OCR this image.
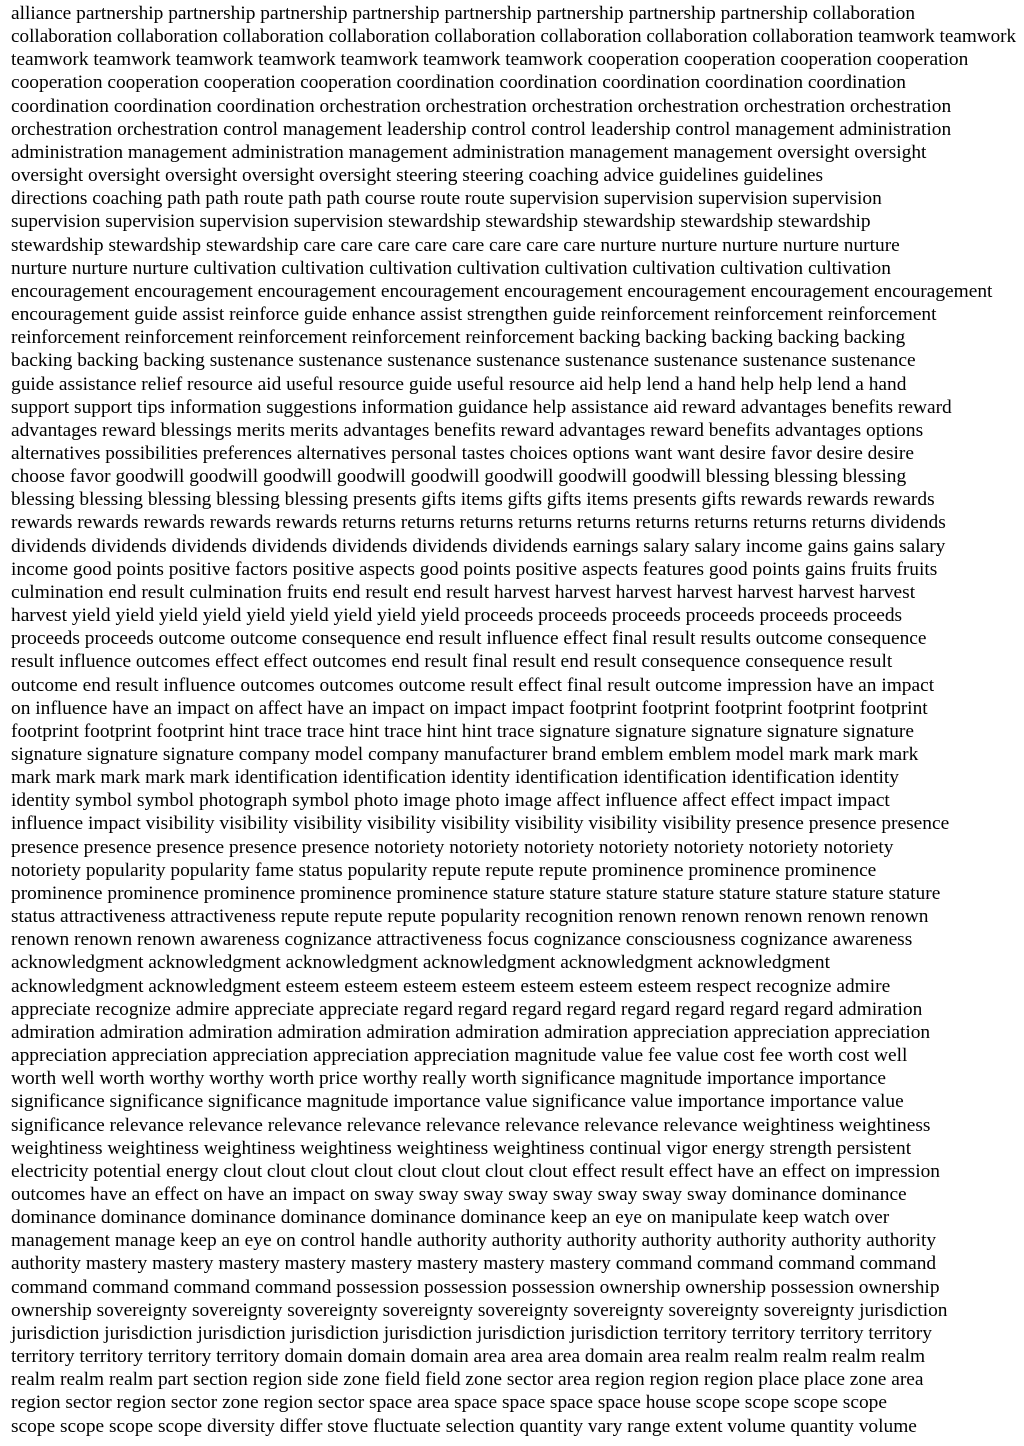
alliance partnership partnership partnership partnership partnership partnership partnership partnership collaboration
collaboration collaboration collaboration collaboration collaboration collaboration collaboration collaboration teamwork teamwork
teamwork teamwork teamwork teamwork teamwork teamwork teamwork cooperation cooperation cooperation cooperation
cooperation cooperation cooperation cooperation coordination coordination coordination coordination coordination
coordination coordination coordination orchestration orchestration orchestration orchestration orchestration orchestration
orchestration orchestration control management leadership control control leadership control management administration
administration management administration management administration management management oversight oversight
oversight oversight oversight oversight oversight steering steering coaching advice guidelines guidelines
directions coaching path path route path path course route route supervision supervision supervision supervision
supervision supervision supervision supervision stewardship stewardship stewardship stewardship stewardship
stewardship stewardship stewardship care care care care care care care care nurture nurture nurture nurture nurture
nurture nurture nurture cultivation cultivation cultivation cultivation cultivation cultivation cultivation cultivation
encouragement encouragement encouragement encouragement encouragement encouragement encouragement encouragement
encouragement guide assist reinforce guide enhance assist strengthen guide reinforcement reinforcement reinforcement
reinforcement reinforcement reinforcement reinforcement reinforcement backing backing backing backing backing
backing backing backing sustenance sustenance sustenance sustenance sustenance sustenance sustenance sustenance
guide assistance relief resource aid useful resource guide useful resource aid help lend a hand help help lend a hand
support support tips information suggestions information guidance help assistance aid reward advantages benefits reward
advantages reward blessings merits merits advantages benefits reward advantages reward benefits advantages options
alternatives possibilities preferences alternatives personal tastes choices options want want desire favor desire desire
choose favor goodwill goodwill goodwill goodwill goodwill goodwill goodwill goodwill blessing blessing blessing
blessing blessing blessing blessing blessing presents gifts items gifts gifts items presents gifts rewards rewards rewards
rewards rewards rewards rewards rewards returns returns returns returns returns returns returns returns returns dividends
dividends dividends dividends dividends dividends dividends dividends earnings salary salary income gains gains salary
income good points positive factors positive aspects good points positive aspects features good points gains fruits fruits
culmination end result culmination fruits end result end result harvest harvest harvest harvest harvest harvest harvest
harvest yield yield yield yield yield yield yield yield yield proceeds proceeds proceeds proceeds proceeds proceeds
proceeds proceeds outcome outcome consequence end result influence effect final result results outcome consequence
result influence outcomes effect effect outcomes end result final result end result consequence consequence result
outcome end result influence outcomes outcomes outcome result effect final result outcome impression have an impact
on influence have an impact on affect have an impact on impact impact footprint footprint footprint footprint footprint
footprint footprint footprint hint trace trace hint trace hint hint trace signature signature signature signature signature
signature signature signature company model company manufacturer brand emblem emblem model mark mark mark
mark mark mark mark mark identification identification identity identification identification identification identity
identity symbol symbol photograph symbol photo image photo image affect influence affect effect impact impact
influence impact visibility visibility visibility visibility visibility visibility visibility visibility presence presence presence
presence presence presence presence presence notoriety notoriety notoriety notoriety notoriety notoriety notoriety
notoriety popularity popularity fame status popularity repute repute repute prominence prominence prominence
prominence prominence prominence prominence prominence stature stature stature stature stature stature stature stature
status attractiveness attractiveness repute repute repute popularity recognition renown renown renown renown renown
renown renown renown awareness cognizance attractiveness focus cognizance consciousness cognizance awareness
acknowledgment acknowledgment acknowledgment acknowledgment acknowledgment acknowledgment
acknowledgment acknowledgment esteem esteem esteem esteem esteem esteem esteem respect recognize admire
appreciate recognize admire appreciate appreciate regard regard regard regard regard regard regard regard admiration
admiration admiration admiration admiration admiration admiration admiration appreciation appreciation appreciation
appreciation appreciation appreciation appreciation appreciation magnitude value fee value cost fee worth cost well
worth well worth worthy worthy worth price worthy really worth significance magnitude importance importance
significance significance significance magnitude importance value significance value importance importance value
significance relevance relevance relevance relevance relevance relevance relevance relevance weightiness weightiness
weightiness weightiness weightiness weightiness weightiness weightiness continual vigor energy strength persistent
electricity potential energy clout clout clout clout clout clout clout clout effect result effect have an effect on impression
outcomes have an effect on have an impact on sway sway sway sway sway sway sway sway dominance dominance
dominance dominance dominance dominance dominance dominance keep an eye on manipulate keep watch over
management manage keep an eye on control handle authority authority authority authority authority authority authority
authority mastery mastery mastery mastery mastery mastery mastery mastery command command command command
command command command command possession possession possession ownership ownership possession ownership
ownership sovereignty sovereignty sovereignty sovereignty sovereignty sovereignty sovereignty sovereignty jurisdiction
jurisdiction jurisdiction jurisdiction jurisdiction jurisdiction jurisdiction jurisdiction territory territory territory territory
territory territory territory territory domain domain domain area area area domain area realm realm realm realm realm
realm realm realm part section region side zone field field zone sector area region region region place place zone area
region sector region sector zone region sector space area space space space space house scope scope scope scope
scope scope scope scope diversity differ stove fluctuate selection quantity vary range extent volume quantity volume
